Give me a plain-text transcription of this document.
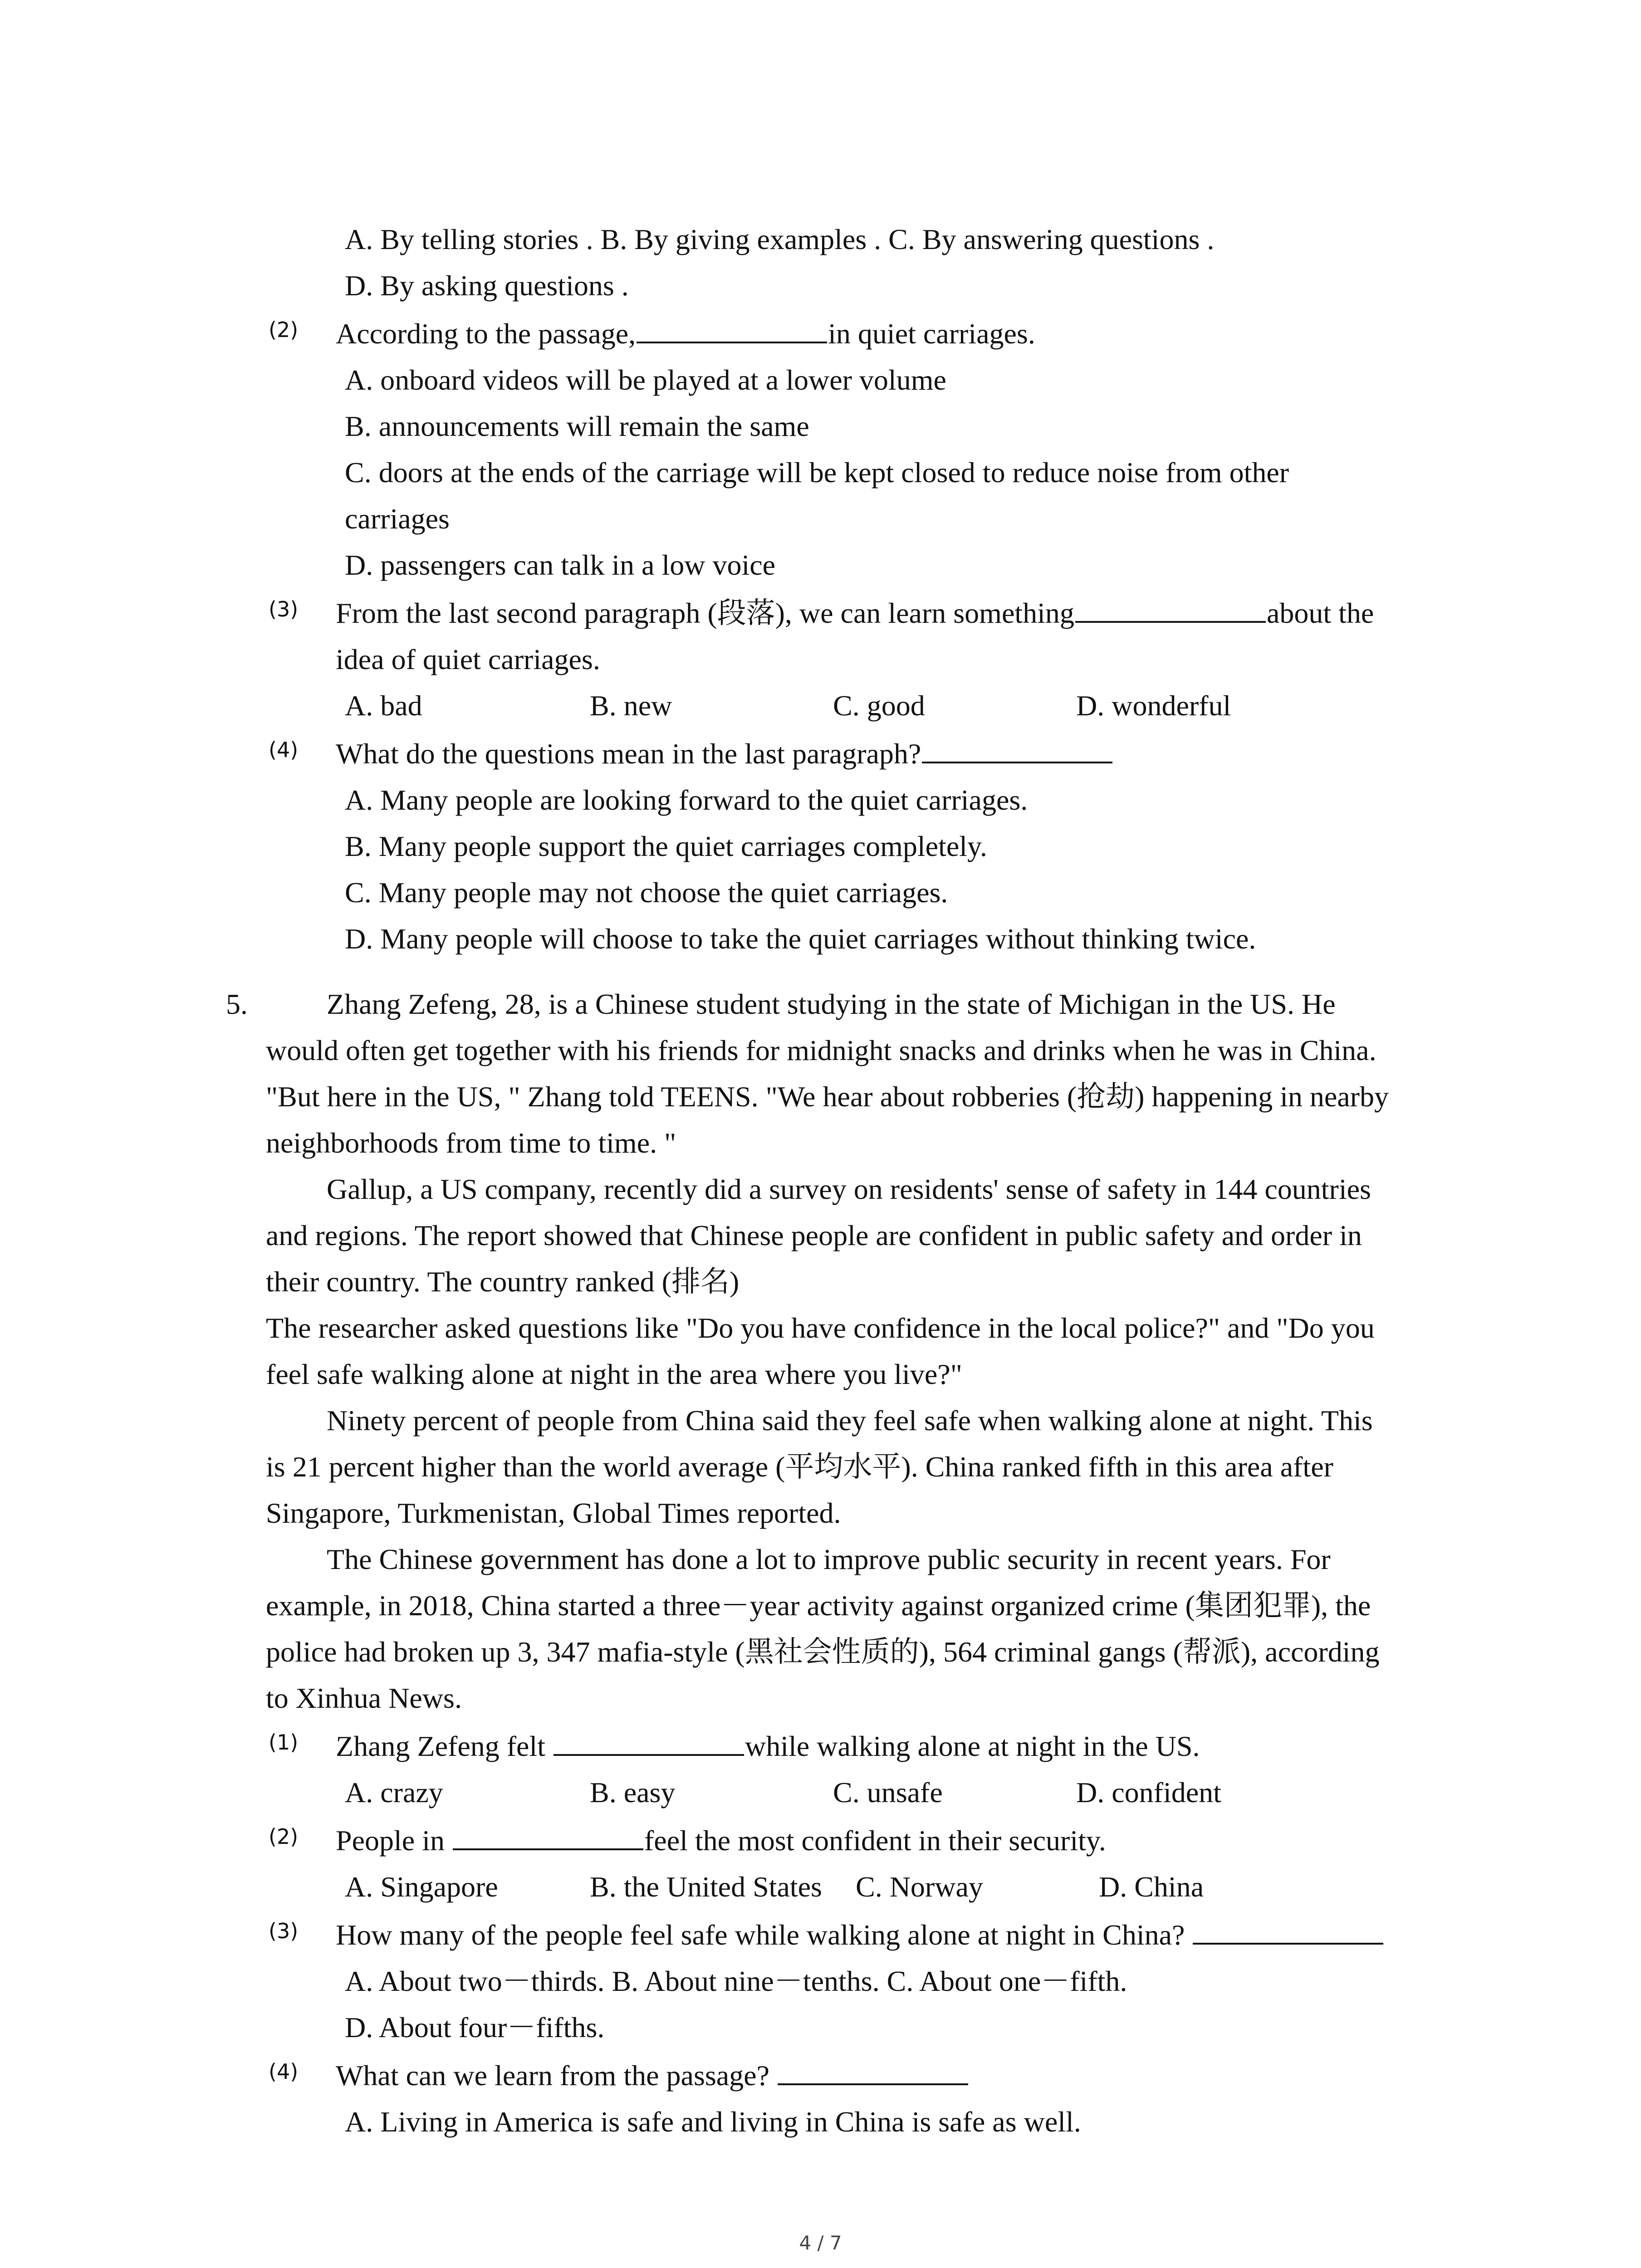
A. By telling stories . B. By giving examples . C. By answering questions .
D. By asking questions .
(2) According to the passage,	in quiet carriages.
A. onboard videos will be played at a lower volume
B. announcements will remain the same
C. doors at the ends of the carriage will be kept closed to reduce noise from other
carriages
D. passengers can talk in a low voice
(3) From the last second paragraph (段落), we can learn something	about the
idea of quiet carriages.
A. bad	B. new	C. good	D. wonderful
(4) What do the questions mean in the last paragraph?
A. Many people are looking forward to the quiet carriages.
B. Many people support the quiet carriages completely.
C. Many people may not choose the quiet carriages.
D. Many people will choose to take the quiet carriages without thinking twice.
5.	Zhang Zefeng, 28, is a Chinese student studying in the state of Michigan in the US. He
would often get together with his friends for midnight snacks and drinks when he was in China.
"But here in the US, " Zhang told TEENS. "We hear about robberies (抢劫) happening in nearby
neighborhoods from time to time. "
Gallup, a US company, recently did a survey on residents' sense of safety in 144 countries
and regions. The report showed that Chinese people are confident in public safety and order in
their country. The country ranked (排名)
The researcher asked questions like "Do you have confidence in the local police?" and "Do you
feel safe walking alone at night in the area where you live?"
Ninety percent of people from China said they feel safe when walking alone at night. This
is 21 percent higher than the world average (平均水平). China ranked fifth in this area after
Singapore, Turkmenistan, Global Times reported.
The Chinese government has done a lot to improve public security in recent years. For
example, in 2018, China started a three－year activity against organized crime (集团犯罪), the
police had broken up 3, 347 mafia-style (黑社会性质的), 564 criminal gangs (帮派), according
to Xinhua News.
(1) Zhang Zefeng felt	while walking alone at night in the US.
A. crazy	B. easy	C. unsafe	D. confident
(2) People in	feel the most confident in their security.
A. Singapore	B. the United States C. Norway	D. China
(3) How many of the people feel safe while walking alone at night in China?
A. About two－thirds. B. About nine－tenths. C. About one－fifth.
D. About four－fifths.
(4) What can we learn from the passage?
A. Living in America is safe and living in China is safe as well.
4 / 7
